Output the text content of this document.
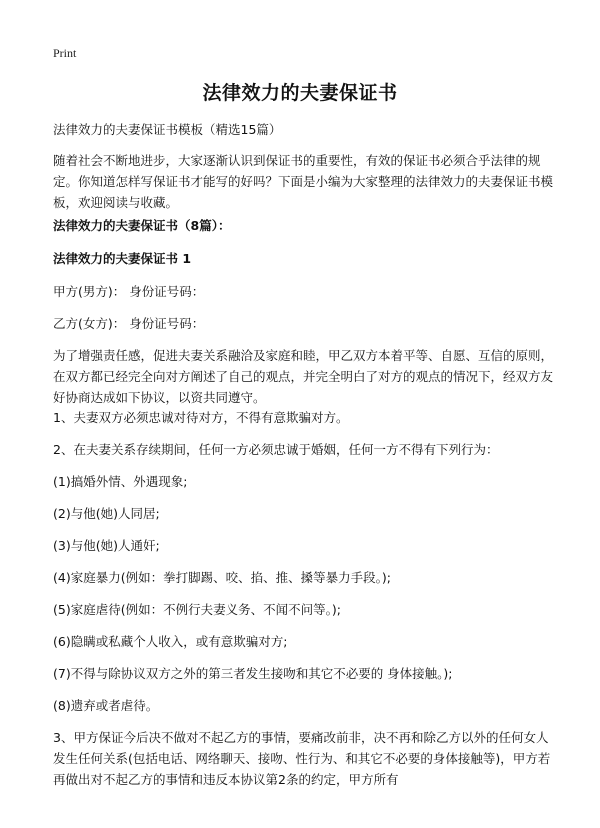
Print
法律效力的夫妻保证书
法律效力的夫妻保证书模板（精选15篇）
随着社会不断地进步，大家逐渐认识到保证书的重要性，有效的保证书必须合乎法律的规定。你知道怎样写保证书才能写的好吗？下面是小编为大家整理的法律效力的夫妻保证书模板，欢迎阅读与收藏。
法律效力的夫妻保证书（8篇）：
法律效力的夫妻保证书 1
甲方(男方)： 身份证号码：
乙方(女方)： 身份证号码：
为了增强责任感，促进夫妻关系融洽及家庭和睦，甲乙双方本着平等、自愿、互信的原则，在双方都已经完全向对方阐述了自己的观点，并完全明白了对方的观点的情况下，经双方友好协商达成如下协议，以资共同遵守。
1、夫妻双方必须忠诚对待对方，不得有意欺骗对方。
2、在夫妻关系存续期间，任何一方必须忠诚于婚姻，任何一方不得有下列行为：
(1)搞婚外情、外遇现象;
(2)与他(她)人同居;
(3)与他(她)人通奸;
(4)家庭暴力(例如：拳打脚踢、咬、掐、推、搡等暴力手段。);
(5)家庭虐待(例如：不例行夫妻义务、不闻不问等。);
(6)隐瞒或私藏个人收入，或有意欺骗对方;
(7)不得与除协议双方之外的第三者发生接吻和其它不必要的 身体接触。);
(8)遗弃或者虐待。
3、甲方保证今后决不做对不起乙方的事情，要痛改前非，决不再和除乙方以外的任何女人发生任何关系(包括电话、网络聊天、接吻、性行为、和其它不必要的身体接触等)，甲方若再做出对不起乙方的事情和违反本协议第2条的约定，甲方所有
